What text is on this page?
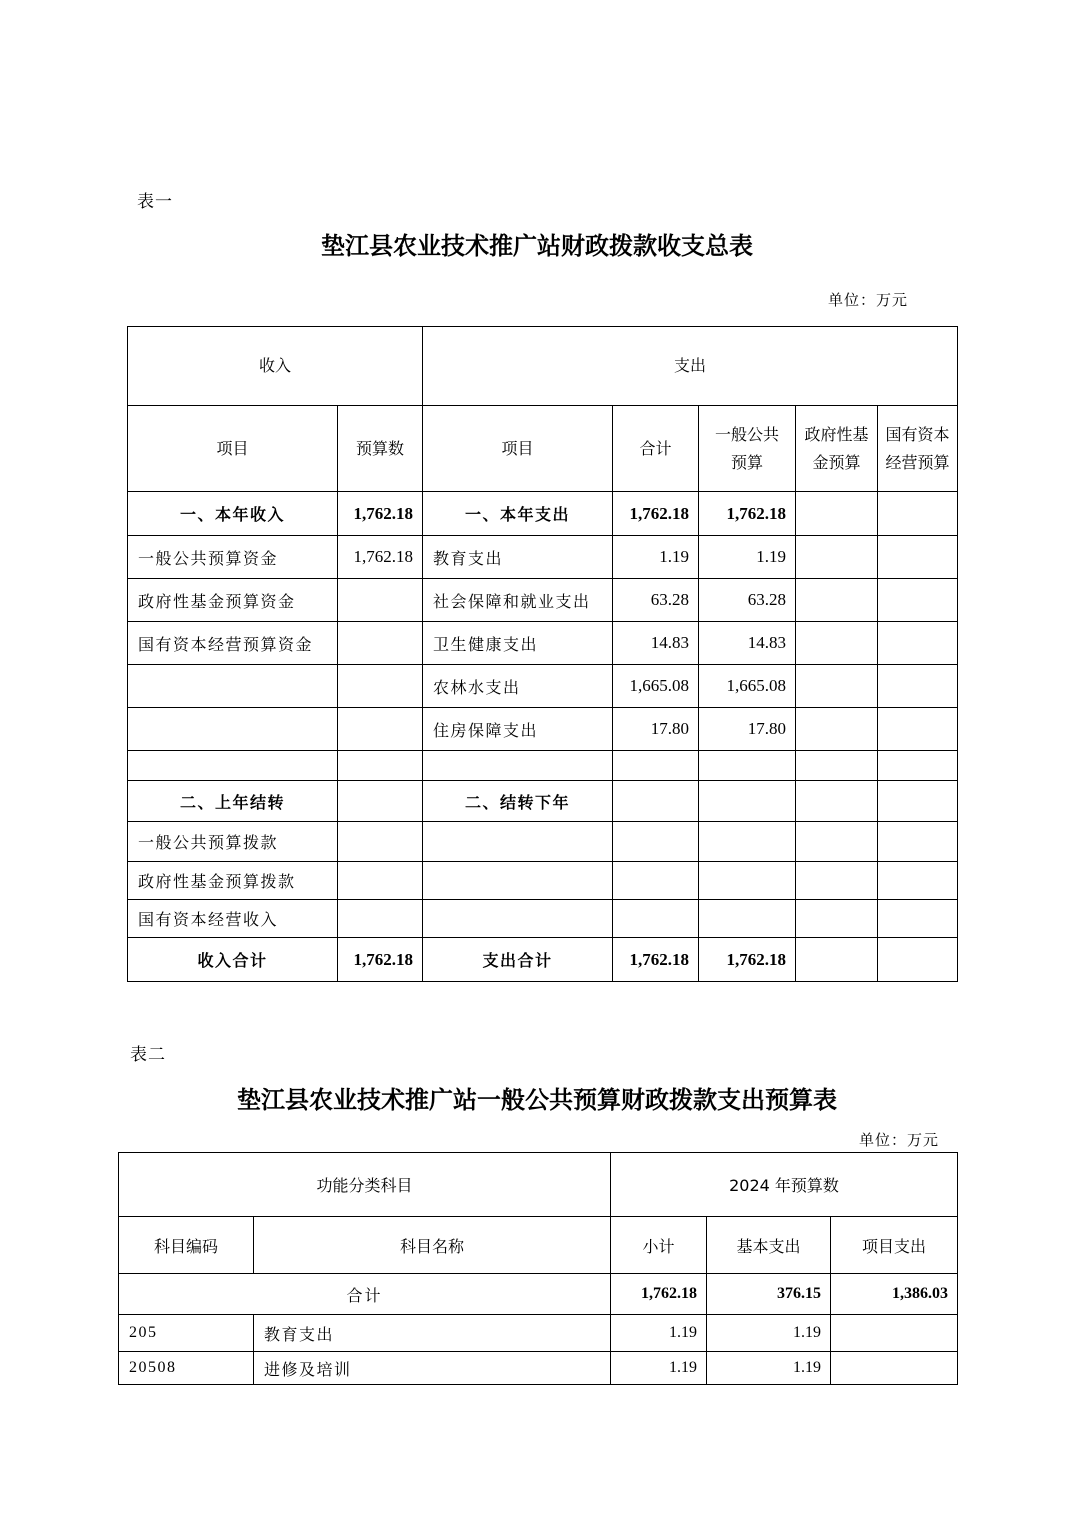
表一
垫江县农业技术推广站财政拨款收支总表
单位：万元
收入		支出				
项目	预算数	项目	合计	一般公共预算	政府性基金预算	国有资本经营预算
一、本年收入	1,762.18	一、本年支出	1,762.18	1,762.18		
一般公共预算资金	1,762.18	教育支出	1.19	1.19		
政府性基金预算资金		社会保障和就业支出	63.28	63.28		
国有资本经营预算资金		卫生健康支出	14.83	14.83		
		农林水支出	1,665.08	1,665.08		
		住房保障支出	17.80	17.80		

二、上年结转		二、结转下年				
一般公共预算拨款						
政府性基金预算拨款						
国有资本经营收入						
收入合计	1,762.18	支出合计	1,762.18	1,762.18		
表二
垫江县农业技术推广站一般公共预算财政拨款支出预算表
单位：万元
功能分类科目		2024 年预算数		
科目编码	科目名称	小计	基本支出	项目支出
合计		1,762.18	376.15	1,386.03
205	教育支出	1.19	1.19	
20508	进修及培训	1.19	1.19	
